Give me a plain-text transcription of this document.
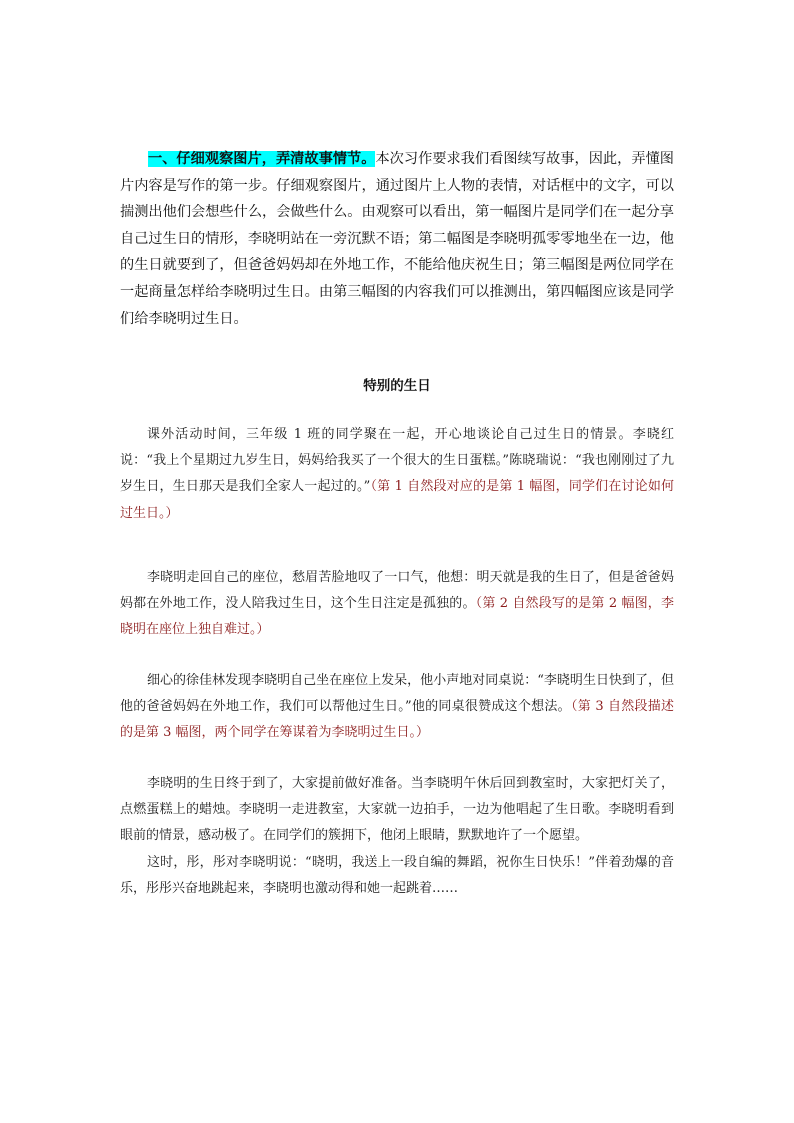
一、仔细观察图片，弄清故事情节。本次习作要求我们看图续写故事，因此，弄懂图片内容是写作的第一步。仔细观察图片，通过图片上人物的表情，对话框中的文字，可以揣测出他们会想些什么，会做些什么。由观察可以看出，第一幅图片是同学们在一起分享自己过生日的情形，李晓明站在一旁沉默不语；第二幅图是李晓明孤零零地坐在一边，他的生日就要到了，但爸爸妈妈却在外地工作，不能给他庆祝生日；第三幅图是两位同学在一起商量怎样给李晓明过生日。由第三幅图的内容我们可以推测出，第四幅图应该是同学们给李晓明过生日。

特别的生日

课外活动时间，三年级 1 班的同学聚在一起，开心地谈论自己过生日的情景。李晓红说：“我上个星期过九岁生日，妈妈给我买了一个很大的生日蛋糕。”陈晓瑞说：“我也刚刚过了九岁生日，生日那天是我们全家人一起过的。”（第 1 自然段对应的是第 1 幅图，同学们在讨论如何过生日。）

李晓明走回自己的座位，愁眉苦脸地叹了一口气，他想：明天就是我的生日了，但是爸爸妈妈都在外地工作，没人陪我过生日，这个生日注定是孤独的。（第 2 自然段写的是第 2 幅图，李晓明在座位上独自难过。）

细心的徐佳林发现李晓明自己坐在座位上发呆，他小声地对同桌说：“李晓明生日快到了，但他的爸爸妈妈在外地工作，我们可以帮他过生日。”他的同桌很赞成这个想法。（第 3 自然段描述的是第 3 幅图，两个同学在筹谋着为李晓明过生日。）

李晓明的生日终于到了，大家提前做好准备。当李晓明午休后回到教室时，大家把灯关了，点燃蛋糕上的蜡烛。李晓明一走进教室，大家就一边拍手，一边为他唱起了生日歌。李晓明看到眼前的情景，感动极了。在同学们的簇拥下，他闭上眼睛，默默地许了一个愿望。

这时，彤，彤对李晓明说：“晓明，我送上一段自编的舞蹈，祝你生日快乐！”伴着劲爆的音乐，彤彤兴奋地跳起来，李晓明也激动得和她一起跳着……
